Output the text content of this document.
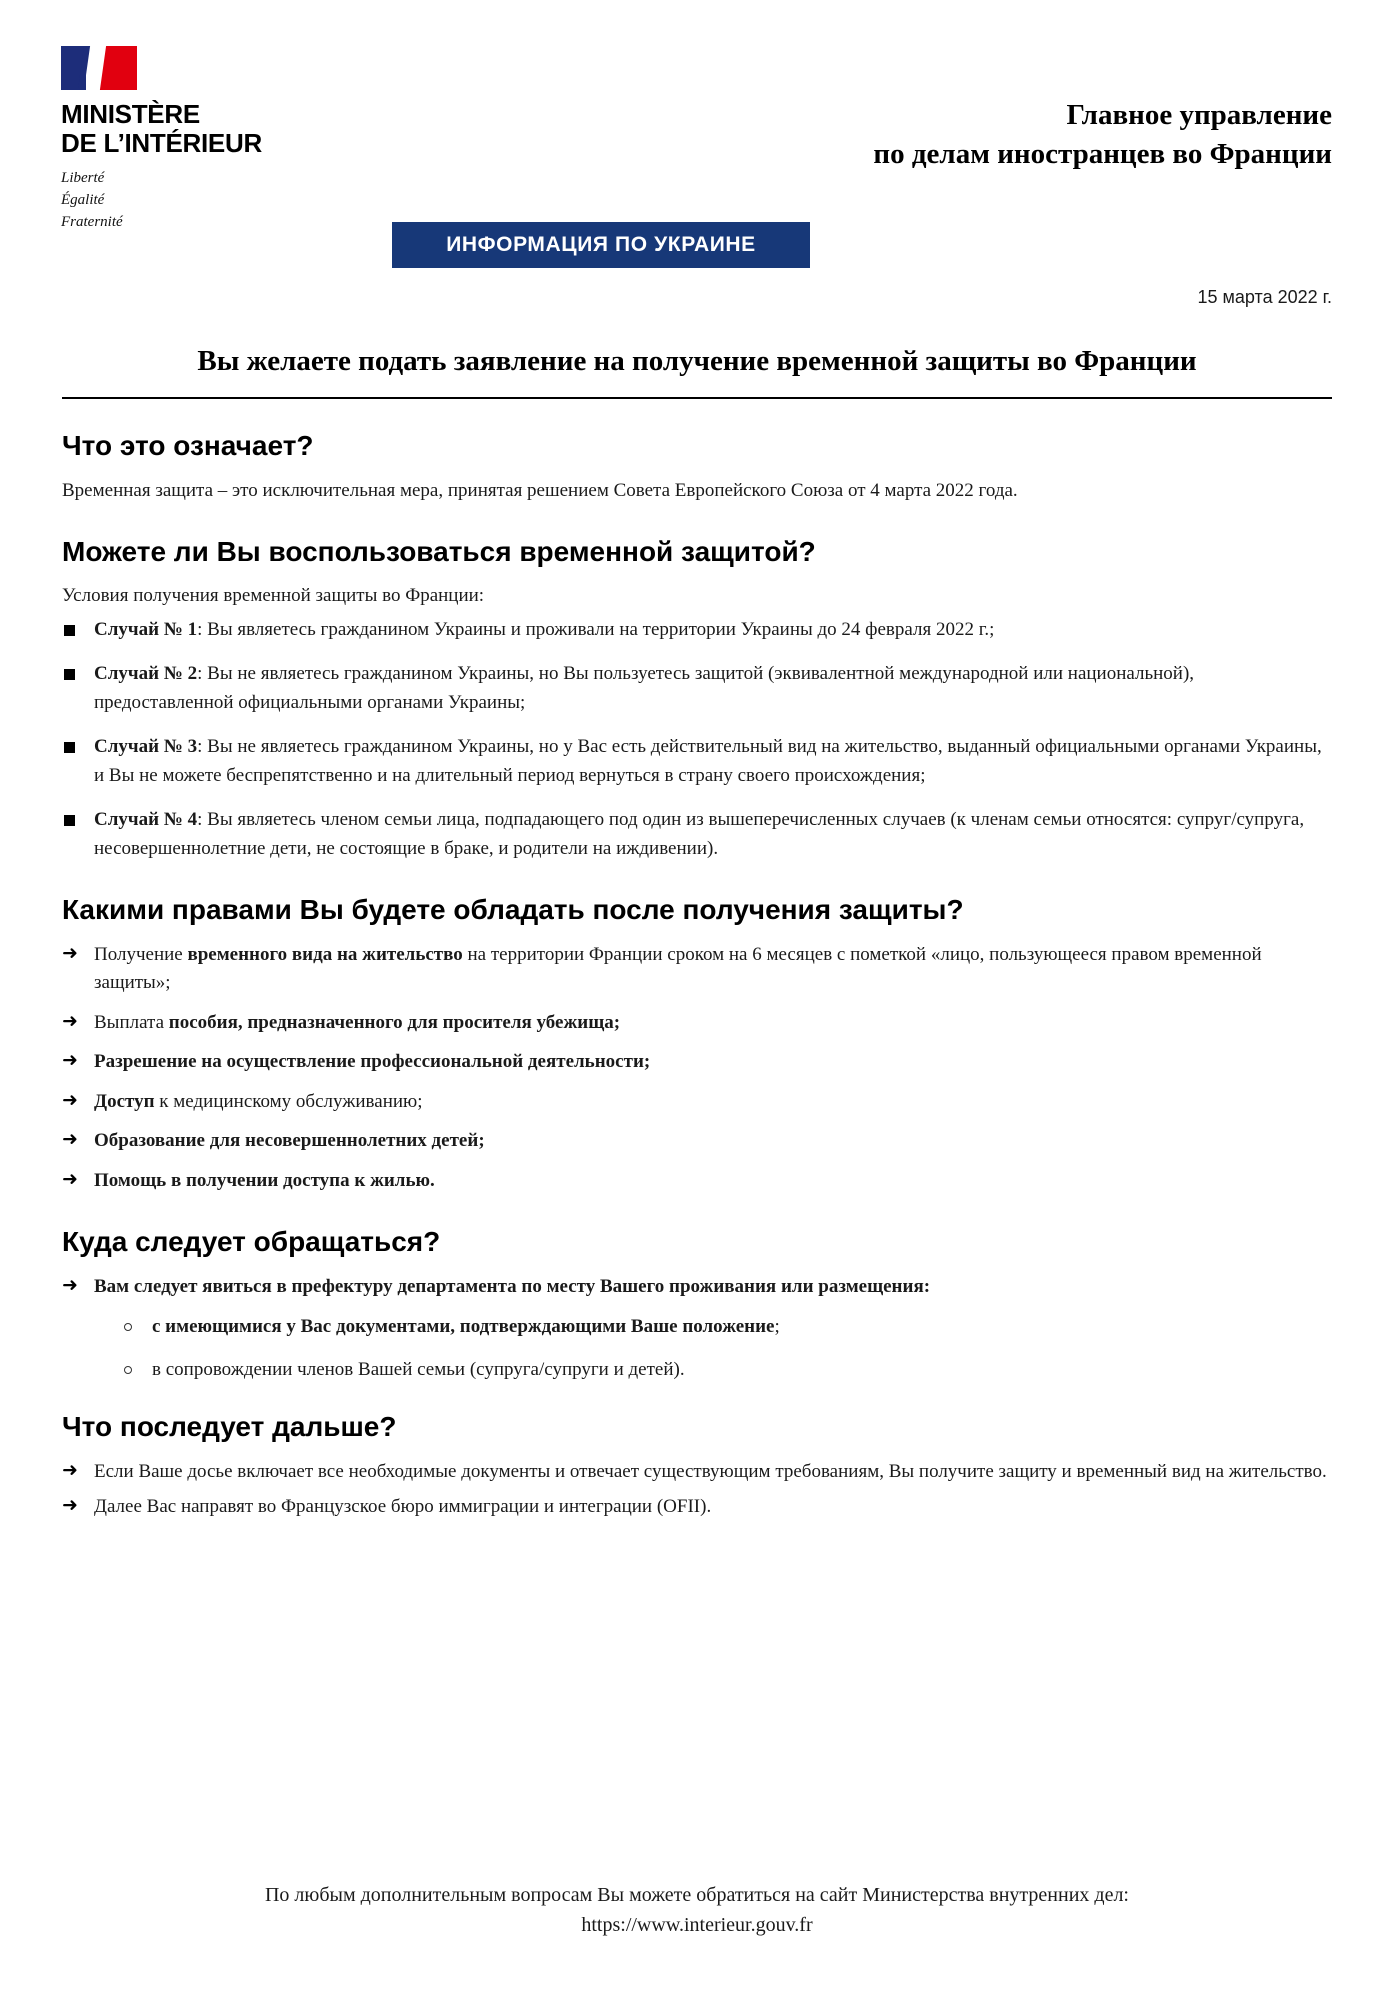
MINISTÈRE
DE L’INTÉRIEUR
Liberté
Égalité
Fraternité
Главное управление
по делам иностранцев во Франции
ИНФОРМАЦИЯ ПО УКРАИНЕ
15 марта 2022 г.
Вы желаете подать заявление на получение временной защиты во Франции
Что это означает?

Временная защита – это исключительная мера, принятая решением Совета Европейского Союза от 4 марта 2022 года.

Можете ли Вы воспользоваться временной защитой?

Условия получения временной защиты во Франции:

Случай № 1: Вы являетесь гражданином Украины и проживали на территории Украины до 24 февраля 2022 г.;
Случай № 2: Вы не являетесь гражданином Украины, но Вы пользуетесь защитой (эквивалентной международной или национальной), предоставленной официальными органами Украины;
Случай № 3: Вы не являетесь гражданином Украины, но у Вас есть действительный вид на жительство, выданный официальными органами Украины, и Вы не можете беспрепятственно и на длительный период вернуться в страну своего происхождения;
Случай № 4: Вы являетесь членом семьи лица, подпадающего под один из вышеперечисленных случаев (к членам семьи относятся: супруг/супруга, несовершеннолетние дети, не состоящие в браке, и родители на иждивении).
Какими правами Вы будете обладать после получения защиты?
➜ Получение временного вида на жительство на территории Франции сроком на 6 месяцев с пометкой «лицо, пользующееся правом временной защиты»;
➜ Выплата пособия, предназначенного для просителя убежища;
➜ Разрешение на осуществление профессиональной деятельности;
➜ Доступ к медицинскому обслуживанию;
➜ Образование для несовершеннолетних детей;
➜ Помощь в получении доступа к жилью.
Куда следует обращаться?
➜ Вам следует явиться в префектуру департамента по месту Вашего проживания или размещения:
с имеющимися у Вас документами, подтверждающими Ваше положение;
в сопровождении членов Вашей семьи (супруга/супруги и детей).
Что последует дальше?
➜ Если Ваше досье включает все необходимые документы и отвечает существующим требованиям, Вы получите защиту и временный вид на жительство.
➜ Далее Вас направят во Французское бюро иммиграции и интеграции (OFII).
По любым дополнительным вопросам Вы можете обратиться на сайт Министерства внутренних дел:
https://www.interieur.gouv.fr
